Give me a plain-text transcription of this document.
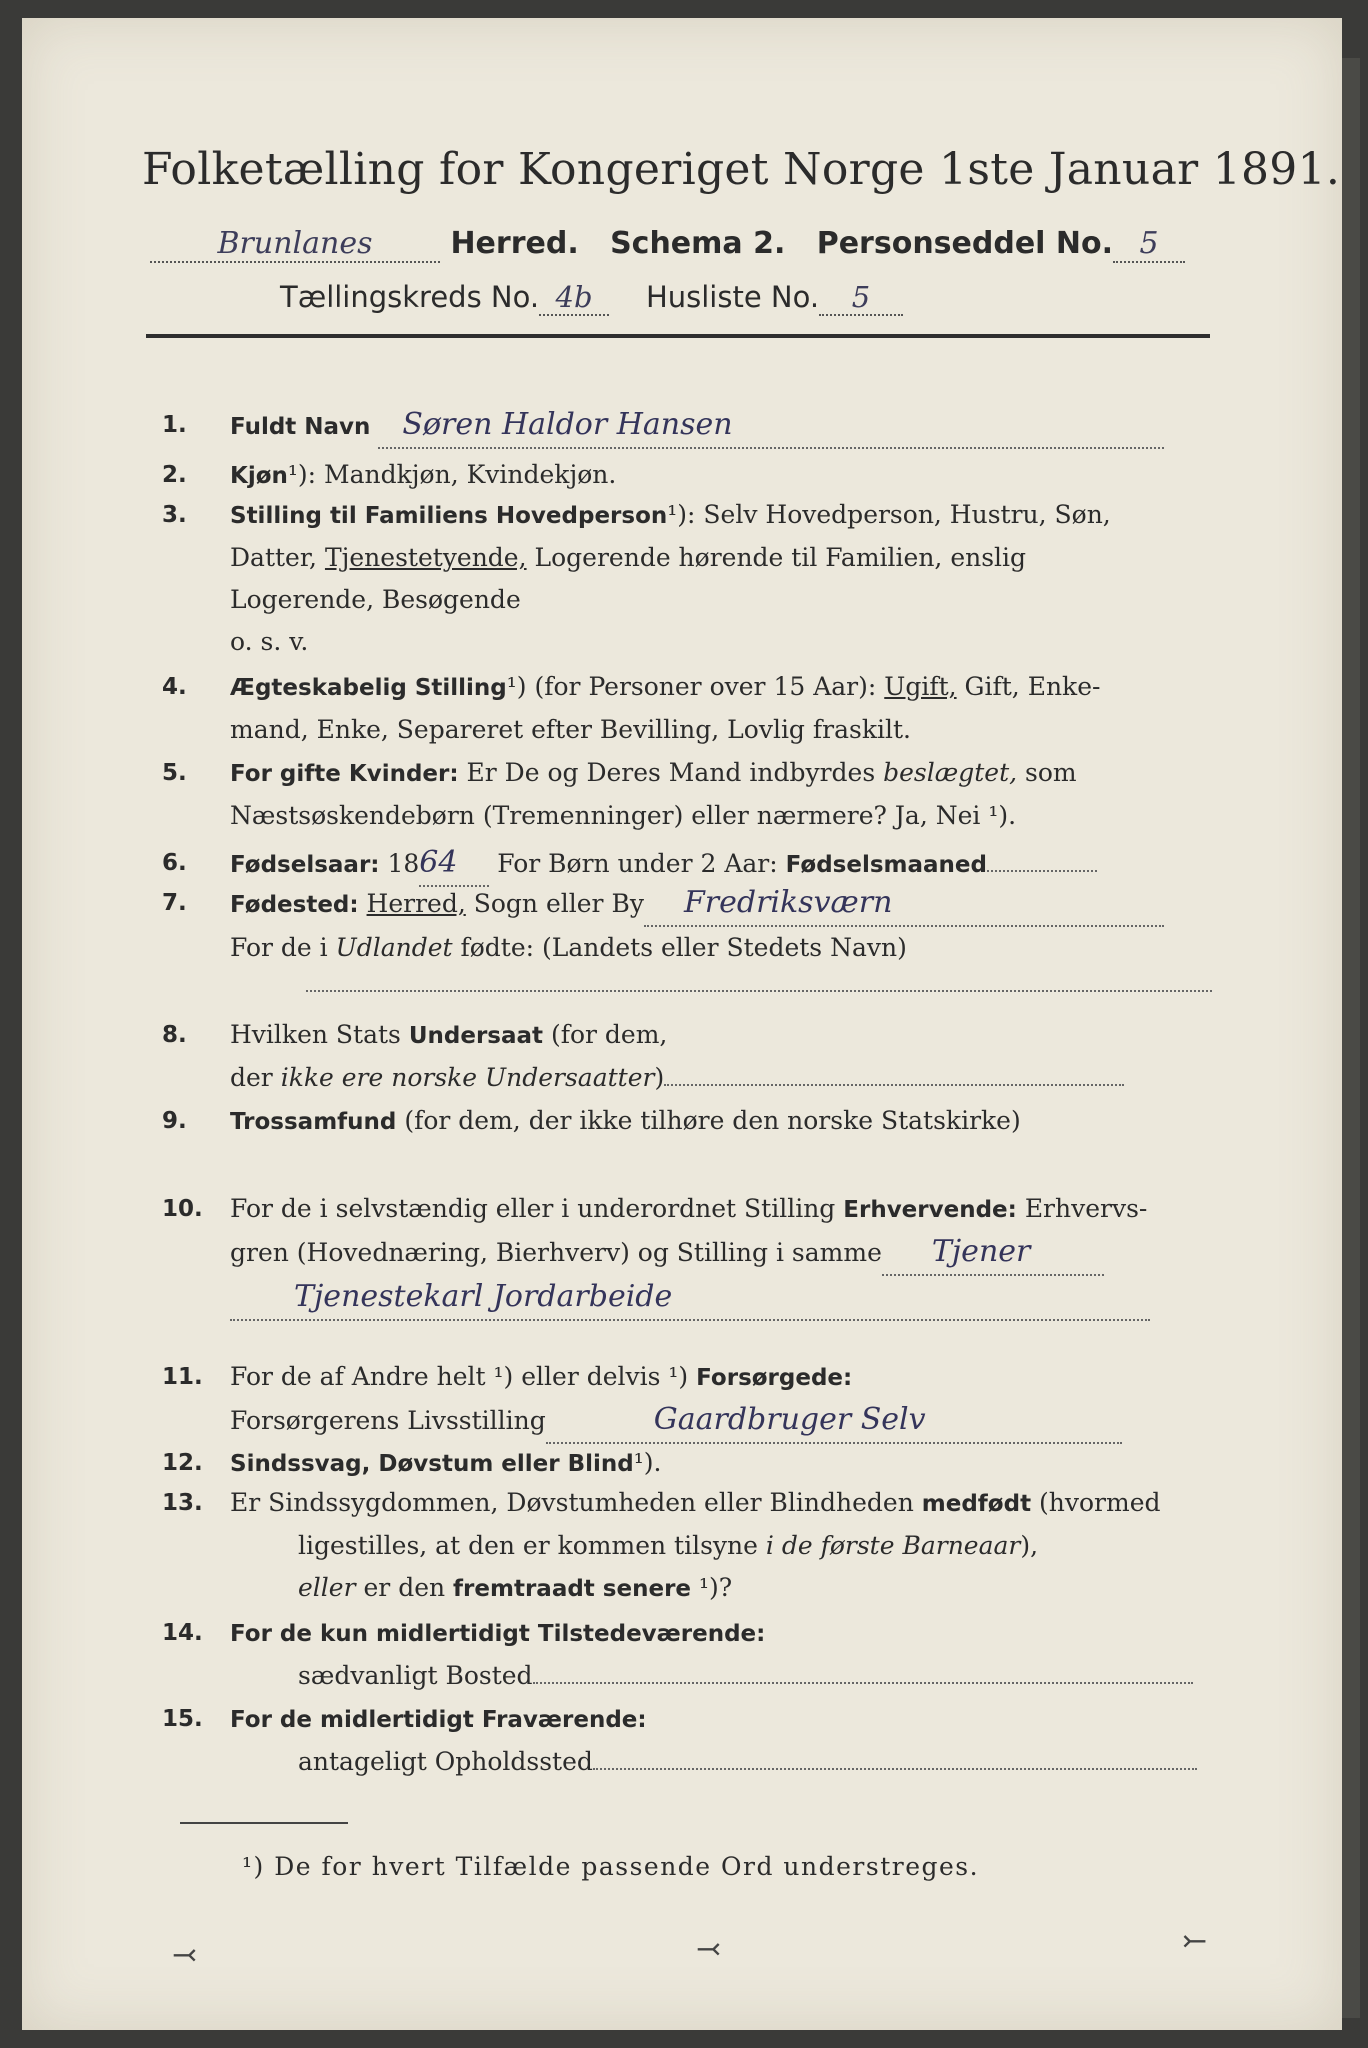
Folketælling for Kongeriget Norge 1ste Januar 1891.
Brunlanes	Herred. Schema 2. Personseddel No. 5
Tællingskreds No. 4b Husliste No. 5
1.	Fuldt Navn Søren Haldor Hansen
2.	Kjøn¹): Mandkjøn, Kvindekjøn.
3.	Stilling til Familiens Hovedperson¹): Selv Hovedperson, Hustru, Søn,
Datter, Tjenestetyende, Logerende hørende til Familien, enslig
Logerende, Besøgende
o. s. v.
4.	Ægteskabelig Stilling¹) (for Personer over 15 Aar): Ugift, Gift, Enke-
mand, Enke, Separeret efter Bevilling, Lovlig fraskilt.
5.	For gifte Kvinder: Er De og Deres Mand indbyrdes beslægtet, som
Næstsøskendebørn (Tremenninger) eller nærmere? Ja, Nei ¹).
6.	Fødselsaar: 1864 For Børn under 2 Aar: Fødselsmaaned
7.	Fødested: Herred, Sogn eller By Fredriksværn
For de i Udlandet fødte: (Landets eller Stedets Navn)
8.	Hvilken Stats Undersaat (for dem,
der ikke ere norske Undersaatter)
9.	Trossamfund (for dem, der ikke tilhøre den norske Statskirke)
10.	For de i selvstændig eller i underordnet Stilling Erhvervende: Erhvervs-
gren (Hovednæring, Bierhverv) og Stilling i samme Tjener
Tjenestekarl Jordarbeide
11.	For de af Andre helt ¹) eller delvis ¹) Forsørgede:
Forsørgerens Livsstilling	Gaardbruger Selv
12.	Sindssvag, Døvstum eller Blind¹).
13.	Er Sindssygdommen, Døvstumheden eller Blindheden medfødt (hvormed
ligestilles, at den er kommen tilsyne i de første Barneaar),
eller er den fremtraadt senere ¹)?
14.	For de kun midlertidigt Tilstedeværende:
sædvanligt Bosted
15.	For de midlertidigt Fraværende:
antageligt Opholdssted
¹) De for hvert Tilfælde passende Ord understreges.
⤙	⤙	⤚
